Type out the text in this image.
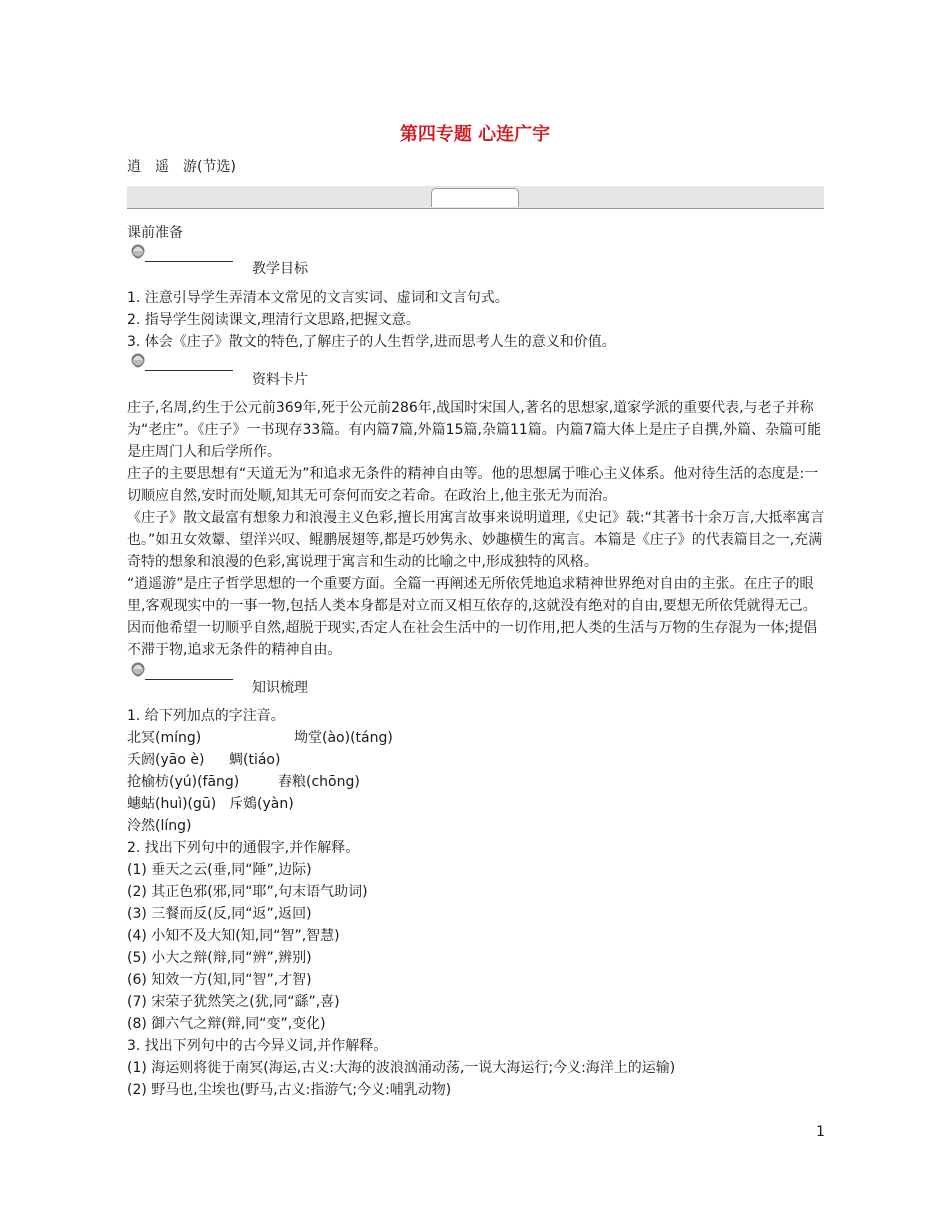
第四专题 心连广宇
逍　遥　游(节选)
课前准备
教学目标
1. 注意引导学生弄清本文常见的文言实词、虚词和文言句式。
2. 指导学生阅读课文,理清行文思路,把握文意。
3. 体会《庄子》散文的特色,了解庄子的人生哲学,进而思考人生的意义和价值。
资料卡片
庄子,名周,约生于公元前369年,死于公元前286年,战国时宋国人,著名的思想家,道家学派的重要代表,与老子并称为“老庄”。《庄子》一书现存33篇。有内篇7篇,外篇15篇,杂篇11篇。内篇7篇大体上是庄子自撰,外篇、杂篇可能是庄周门人和后学所作。
庄子的主要思想有“天道无为”和追求无条件的精神自由等。他的思想属于唯心主义体系。他对待生活的态度是:一切顺应自然,安时而处顺,知其无可奈何而安之若命。在政治上,他主张无为而治。
《庄子》散文最富有想象力和浪漫主义色彩,擅长用寓言故事来说明道理,《史记》载:“其著书十余万言,大抵率寓言也。”如丑女效颦、望洋兴叹、鲲鹏展翅等,都是巧妙隽永、妙趣横生的寓言。本篇是《庄子》的代表篇目之一,充满奇特的想象和浪漫的色彩,寓说理于寓言和生动的比喻之中,形成独特的风格。
“逍遥游”是庄子哲学思想的一个重要方面。全篇一再阐述无所依凭地追求精神世界绝对自由的主张。在庄子的眼里,客观现实中的一事一物,包括人类本身都是对立而又相互依存的,这就没有绝对的自由,要想无所依凭就得无己。因而他希望一切顺乎自然,超脱于现实,否定人在社会生活中的一切作用,把人类的生活与万物的生存混为一体;提倡不滞于物,追求无条件的精神自由。
知识梳理
1. 给下列加点的字注音。
北冥(míng)	坳堂(ào)(táng)
夭阏(yāo è) 蜩(tiáo)
抢榆枋(yú)(fāng)	舂粮(chōng)
蟪蛄(huì)(gū) 斥鴳(yàn)
泠然(líng)
2. 找出下列句中的通假字,并作解释。
(1) 垂天之云(垂,同“陲”,边际)
(2) 其正色邪(邪,同“耶”,句末语气助词)
(3) 三餐而反(反,同“返”,返回)
(4) 小知不及大知(知,同“智”,智慧)
(5) 小大之辩(辩,同“辨”,辨别)
(6) 知效一方(知,同“智”,才智)
(7) 宋荣子犹然笑之(犹,同“繇”,喜)
(8) 御六气之辩(辩,同“变”,变化)
3. 找出下列句中的古今异义词,并作解释。
(1) 海运则将徙于南冥(海运,古义:大海的波浪汹涌动荡,一说大海运行;今义:海洋上的运输)
(2) 野马也,尘埃也(野马,古义:指游气;今义:哺乳动物)
1
